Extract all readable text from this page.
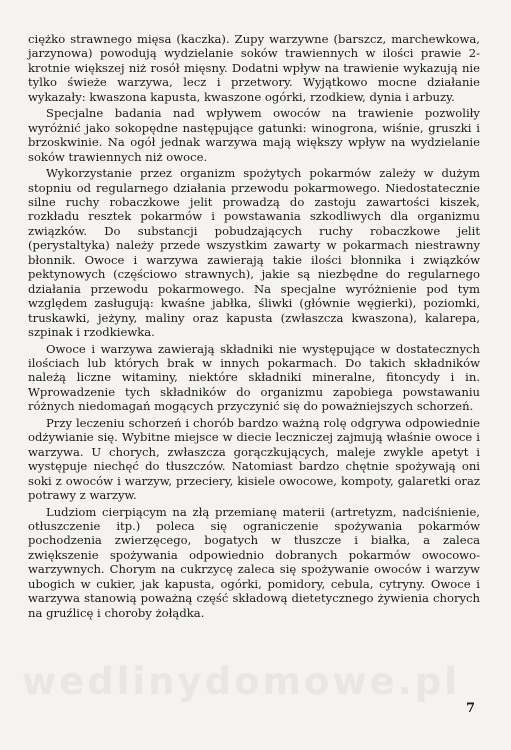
ciężko strawnego mięsa (kaczka). Zupy warzywne (barszcz, marchewkowa, jarzynowa) powodują wydzielanie soków trawiennych w ilości prawie 2-krotnie większej niż rosół mięsny. Dodatni wpływ na trawienie wykazują nie tylko świeże warzywa, lecz i przetwory. Wyjątkowo mocne działanie wykazały: kwaszona kapusta, kwaszone ogórki, rzodkiew, dynia i arbuzy.

Specjalne badania nad wpływem owoców na trawienie pozwoliły wyróżnić jako sokopędne następujące gatunki: winogrona, wiśnie, gruszki i brzoskwinie. Na ogół jednak warzywa mają większy wpływ na wydzielanie soków trawiennych niż owoce.

Wykorzystanie przez organizm spożytych pokarmów zależy w dużym stopniu od regularnego działania przewodu pokarmowego. Niedostatecznie silne ruchy robaczkowe jelit prowadzą do zastoju zawartości kiszek, rozkładu resztek pokarmów i powstawania szkodliwych dla organizmu związków. Do substancji pobudzających ruchy robaczkowe jelit (perystaltyka) należy przede wszystkim zawarty w pokarmach niestrawny błonnik. Owoce i warzywa zawierają takie ilości błonnika i związków pektynowych (częściowo strawnych), jakie są niezbędne do regularnego działania przewodu pokarmowego. Na specjalne wyróżnienie pod tym względem zasługują: kwaśne jabłka, śliwki (głównie węgierki), poziomki, truskawki, jeżyny, maliny oraz kapusta (zwłaszcza kwaszona), kalarepa, szpinak i rzodkiewka.

Owoce i warzywa zawierają składniki nie występujące w dostatecznych ilościach lub których brak w innych pokarmach. Do takich składników należą liczne witaminy, niektóre składniki mineralne, fitoncydy i in. Wprowadzenie tych składników do organizmu zapobiega powstawaniu różnych niedomagań mogących przyczynić się do poważniejszych schorzeń.

Przy leczeniu schorzeń i chorób bardzo ważną rolę odgrywa odpowiednie odżywianie się. Wybitne miejsce w diecie leczniczej zajmują właśnie owoce i warzywa. U chorych, zwłaszcza gorączkujących, maleje zwykle apetyt i występuje niechęć do tłuszczów. Natomiast bardzo chętnie spożywają oni soki z owoców i warzyw, przeciery, kisiele owocowe, kompoty, galaretki oraz potrawy z warzyw.

Ludziom cierpiącym na złą przemianę materii (artretyzm, nadciśnienie, otłuszczenie itp.) poleca się ograniczenie spożywania pokarmów pochodzenia zwierzęcego, bogatych w tłuszcze i białka, a zaleca zwiększenie spożywania odpowiednio dobranych pokarmów owocowo-warzywnych. Chorym na cukrzycę zaleca się spożywanie owoców i warzyw ubogich w cukier, jak kapusta, ogórki, pomidory, cebula, cytryny. Owoce i warzywa stanowią poważną część składową dietetycznego żywienia chorych na gruźlicę i choroby żołądka.

wedlinydomowe.pl
7
